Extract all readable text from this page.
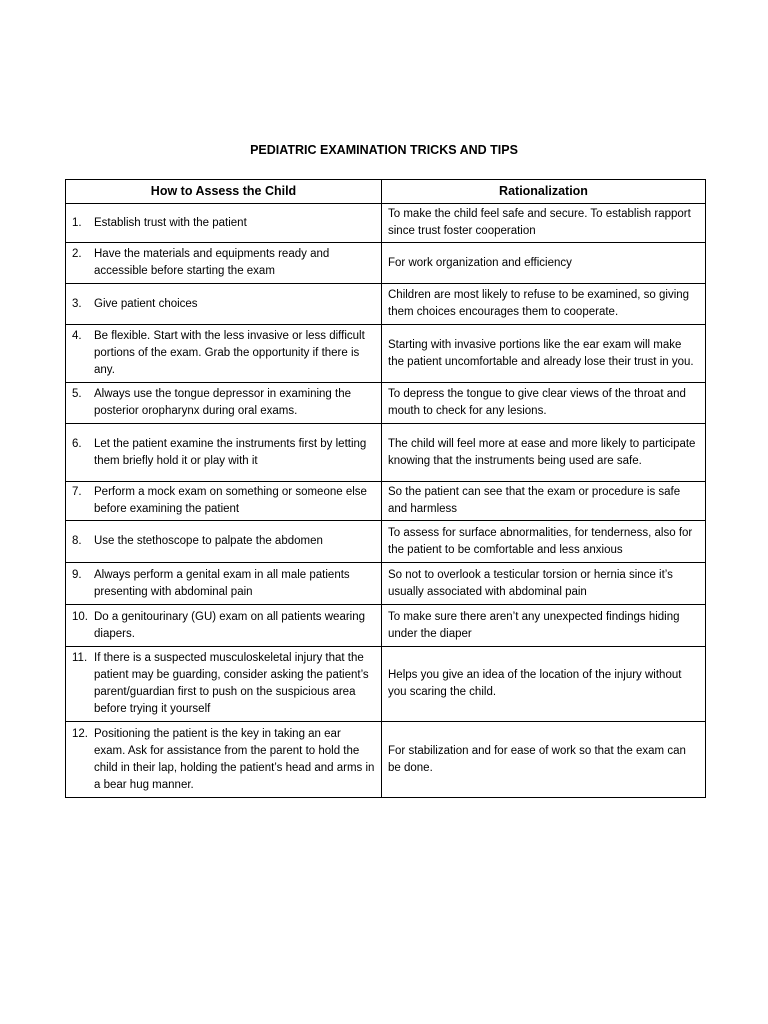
PEDIATRIC EXAMINATION TRICKS AND TIPS
How to Assess the Child	Rationalization

1. Establish trust with the patient	To make the child feel safe and secure. To establish rapport since trust foster cooperation

2. Have the materials and equipments ready and accessible before starting the exam	For work organization and efficiency

3. Give patient choices	Children are most likely to refuse to be examined, so giving them choices encourages them to cooperate.

4. Be flexible. Start with the less invasive or less difficult portions of the exam. Grab the opportunity if there is any.	Starting with invasive portions like the ear exam will make the patient uncomfortable and already lose their trust in you.

5. Always use the tongue depressor in examining the posterior oropharynx during oral exams.	To depress the tongue to give clear views of the throat and mouth to check for any lesions.

6. Let the patient examine the instruments first by letting them briefly hold it or play with it	The child will feel more at ease and more likely to participate knowing that the instruments being used are safe.

7. Perform a mock exam on something or someone else before examining the patient	So the patient can see that the exam or procedure is safe and harmless

8. Use the stethoscope to palpate the abdomen	To assess for surface abnormalities, for tenderness, also for the patient to be comfortable and less anxious

9. Always perform a genital exam in all male patients presenting with abdominal pain	So not to overlook a testicular torsion or hernia since it’s usually associated with abdominal pain

10. Do a genitourinary (GU) exam on all patients wearing diapers.	To make sure there aren’t any unexpected findings hiding under the diaper

11. If there is a suspected musculoskeletal injury that the patient may be guarding, consider asking the patient’s parent/guardian first to push on the suspicious area before trying it yourself	Helps you give an idea of the location of the injury without you scaring the child.

12. Positioning the patient is the key in taking an ear exam. Ask for assistance from the parent to hold the child in their lap, holding the patient’s head and arms in a bear hug manner.	For stabilization and for ease of work so that the exam can be done.
